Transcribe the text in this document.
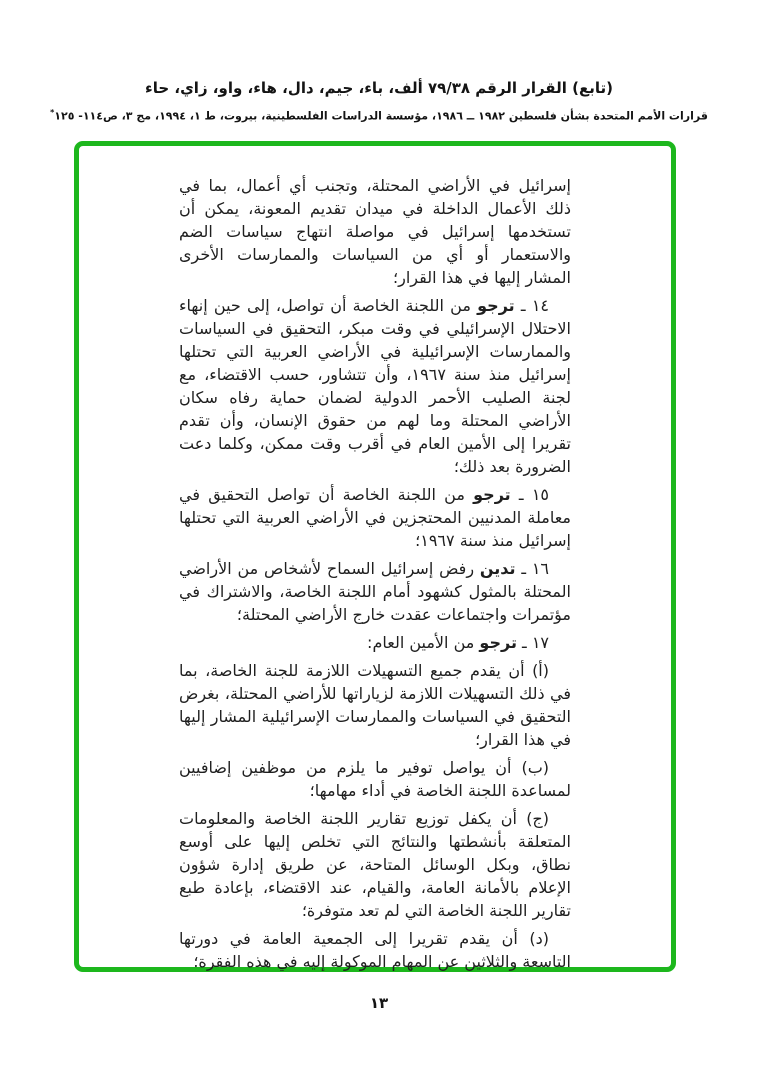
(تابع) القرار الرقم ٧٩/٣٨ ألف، باء، جيم، دال، هاء، واو، زاي، حاء
قرارات الأمم المتحدة بشأن فلسطين ١٩٨٢ ــ ١٩٨٦، مؤسسة الدراسات الفلسطينية، بيروت، ط ١، ١٩٩٤، مج ٣، ص١١٤- ١٢٥*

إسرائيل في الأراضي المحتلة، وتجنب أي أعمال، بما في ذلك الأعمال الداخلة في ميدان تقديم المعونة، يمكن أن تستخدمها إسرائيل في مواصلة انتهاج سياسات الضم والاستعمار أو أي من السياسات والممارسات الأخرى المشار إليها في هذا القرار؛

١٤ ـ ترجو من اللجنة الخاصة أن تواصل، إلى حين إنهاء الاحتلال الإسرائيلي في وقت مبكر، التحقيق في السياسات والممارسات الإسرائيلية في الأراضي العربية التي تحتلها إسرائيل منذ سنة ١٩٦٧، وأن تتشاور، حسب الاقتضاء، مع لجنة الصليب الأحمر الدولية لضمان حماية رفاه سكان الأراضي المحتلة وما لهم من حقوق الإنسان، وأن تقدم تقريرا إلى الأمين العام في أقرب وقت ممكن، وكلما دعت الضرورة بعد ذلك؛

١٥ ـ ترجو من اللجنة الخاصة أن تواصل التحقيق في معاملة المدنيين المحتجزين في الأراضي العربية التي تحتلها إسرائيل منذ سنة ١٩٦٧؛

١٦ ـ تدين رفض إسرائيل السماح لأشخاص من الأراضي المحتلة بالمثول كشهود أمام اللجنة الخاصة، والاشتراك في مؤتمرات واجتماعات عقدت خارج الأراضي المحتلة؛

١٧ ـ ترجو من الأمين العام:

(أ) أن يقدم جميع التسهيلات اللازمة للجنة الخاصة، بما في ذلك التسهيلات اللازمة لزياراتها للأراضي المحتلة، بغرض التحقيق في السياسات والممارسات الإسرائيلية المشار إليها في هذا القرار؛

(ب) أن يواصل توفير ما يلزم من موظفين إضافيين لمساعدة اللجنة الخاصة في أداء مهامها؛

(ج) أن يكفل توزيع تقارير اللجنة الخاصة والمعلومات المتعلقة بأنشطتها والنتائج التي تخلص إليها على أوسع نطاق، وبكل الوسائل المتاحة، عن طريق إدارة شؤون الإعلام بالأمانة العامة، والقيام، عند الاقتضاء، بإعادة طبع تقارير اللجنة الخاصة التي لم تعد متوفرة؛

(د) أن يقدم تقريرا إلى الجمعية العامة في دورتها التاسعة والثلاثين عن المهام الموكولة إليه في هذه الفقرة؛

١٣
